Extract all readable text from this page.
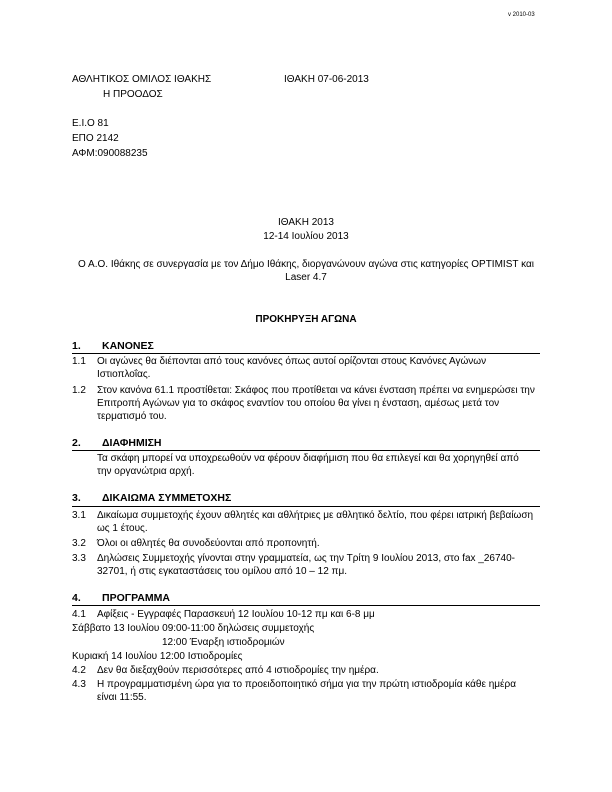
v 2010-03
ΑΘΛΗΤΙΚΟΣ ΟΜΙΛΟΣ ΙΘΑΚΗΣ	ΙΘΑΚΗ 07-06-2013
Η ΠΡΟΟΔΟΣ
Ε.Ι.Ο 81
ΕΠΟ 2142
ΑΦΜ:090088235
ΙΘΑΚΗ 2013
12-14 Ιουλίου 2013
Ο Α.Ο. Ιθάκης σε συνεργασία με τον Δήμο Ιθάκης, διοργανώνουν αγώνα στις κατηγορίες OPTIMIST και
Laser 4.7
ΠΡΟΚΗΡΥΞΗ ΑΓΩΝΑ
1. ΚΑΝΟΝΕΣ
1.1 Οι αγώνες θα διέπονται από τους κανόνες όπως αυτοί ορίζονται στους Κανόνες Αγώνων
Ιστιοπλοΐας.
1.2 Στον κανόνα 61.1 προστίθεται: Σκάφος που προτίθεται να κάνει ένσταση πρέπει να ενημερώσει την
Επιτροπή Αγώνων για το σκάφος εναντίον του οποίου θα γίνει η ένσταση, αμέσως μετά τον
τερματισμό του.
2. ΔΙΑΦΗΜΙΣΗ
Τα σκάφη μπορεί να υποχρεωθούν να φέρουν διαφήμιση που θα επιλεγεί και θα χορηγηθεί από
την οργανώτρια αρχή.
3. ΔΙΚΑΙΩΜΑ ΣΥΜΜΕΤΟΧΗΣ
3.1 Δικαίωμα συμμετοχής έχουν αθλητές και αθλήτριες με αθλητικό δελτίο, που φέρει ιατρική βεβαίωση
ως 1 έτους.
3.2 Όλοι οι αθλητές θα συνοδεύονται από προπονητή.
3.3 Δηλώσεις Συμμετοχής γίνονται στην γραμματεία, ως την Τρίτη 9 Ιουλίου 2013, στο fax _26740-
32701, ή στις εγκαταστάσεις του ομίλου από 10 – 12 πμ.
4. ΠΡΟΓΡΑΜΜΑ
4.1 Αφίξεις - Εγγραφές Παρασκευή 12 Ιουλίου 10-12 πμ και 6-8 μμ
Σάββατο 13 Ιουλίου 09:00-11:00 δηλώσεις συμμετοχής
12:00 Έναρξη ιστιοδρομιών
Κυριακή 14 Ιουλίου 12:00 Ιστιοδρομίες
4.2 Δεν θα διεξαχθούν περισσότερες από 4 ιστιοδρομίες την ημέρα.
4.3 Η προγραμματισμένη ώρα για το προειδοποιητικό σήμα για την πρώτη ιστιοδρομία κάθε ημέρα
είναι 11:55.
